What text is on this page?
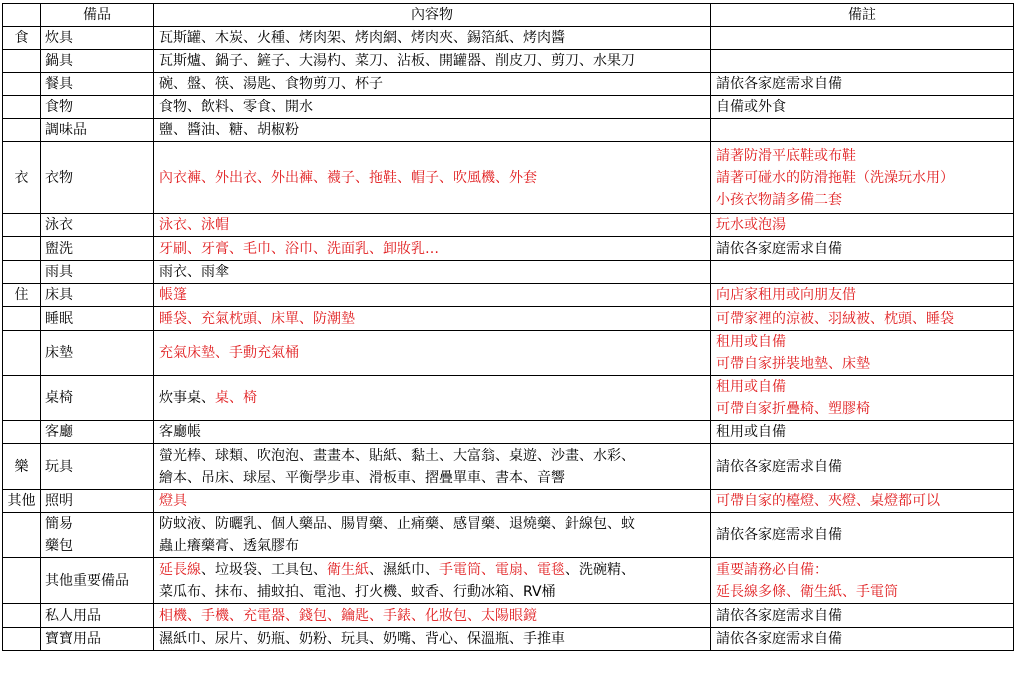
	備品	內容物	備註
食	炊具	瓦斯罐、木炭、火種、烤肉架、烤肉網、烤肉夾、錫箔紙、烤肉醬	

	鍋具	瓦斯爐、鍋子、鏟子、大湯杓、菜刀、沾板、開罐器、削皮刀、剪刀、水果刀	

	餐具	碗、盤、筷、湯匙、食物剪刀、杯子	請依各家庭需求自備

	食物	食物、飲料、零食、開水	自備或外食

	調味品	鹽、醬油、糖、胡椒粉	

衣	衣物	內衣褲、外出衣、外出褲、襪子、拖鞋、帽子、吹風機、外套	請著防滑平底鞋或布鞋
請著可碰水的防滑拖鞋（洗澡玩水用）
小孩衣物請多備二套

	泳衣	泳衣、泳帽	玩水或泡湯

	盥洗	牙刷、牙膏、毛巾、浴巾、洗面乳、卸妝乳…	請依各家庭需求自備

	雨具	雨衣、雨傘	

住	床具	帳篷	向店家租用或向朋友借

	睡眠	睡袋、充氣枕頭、床單、防潮墊	可帶家裡的涼被、羽絨被、枕頭、睡袋

	床墊	充氣床墊、手動充氣桶	租用或自備
可帶自家拼裝地墊、床墊

	桌椅	炊事桌、桌、椅	租用或自備
可帶自家折疊椅、塑膠椅

	客廳	客廳帳	租用或自備

樂	玩具	螢光棒、球類、吹泡泡、畫畫本、貼紙、黏土、大富翁、桌遊、沙畫、水彩、
繪本、吊床、球屋、平衡學步車、滑板車、摺疊單車、書本、音響	請依各家庭需求自備

其他	照明	燈具	可帶自家的檯燈、夾燈、桌燈都可以

	簡易
藥包	防蚊液、防曬乳、個人藥品、腸胃藥、止痛藥、感冒藥、退燒藥、針線包、蚊
蟲止癢藥膏、透氣膠布	請依各家庭需求自備

	其他重要備品	延長線、垃圾袋、工具包、衛生紙、濕紙巾、手電筒、電扇、電毯、洗碗精、
菜瓜布、抹布、捕蚊拍、電池、打火機、蚊香、行動冰箱、RV桶	重要請務必自備：
延長線多條、衛生紙、手電筒

	私人用品	相機、手機、充電器、錢包、鑰匙、手錶、化妝包、太陽眼鏡	請依各家庭需求自備

	寶寶用品	濕紙巾、尿片、奶瓶、奶粉、玩具、奶嘴、背心、保溫瓶、手推車	請依各家庭需求自備
